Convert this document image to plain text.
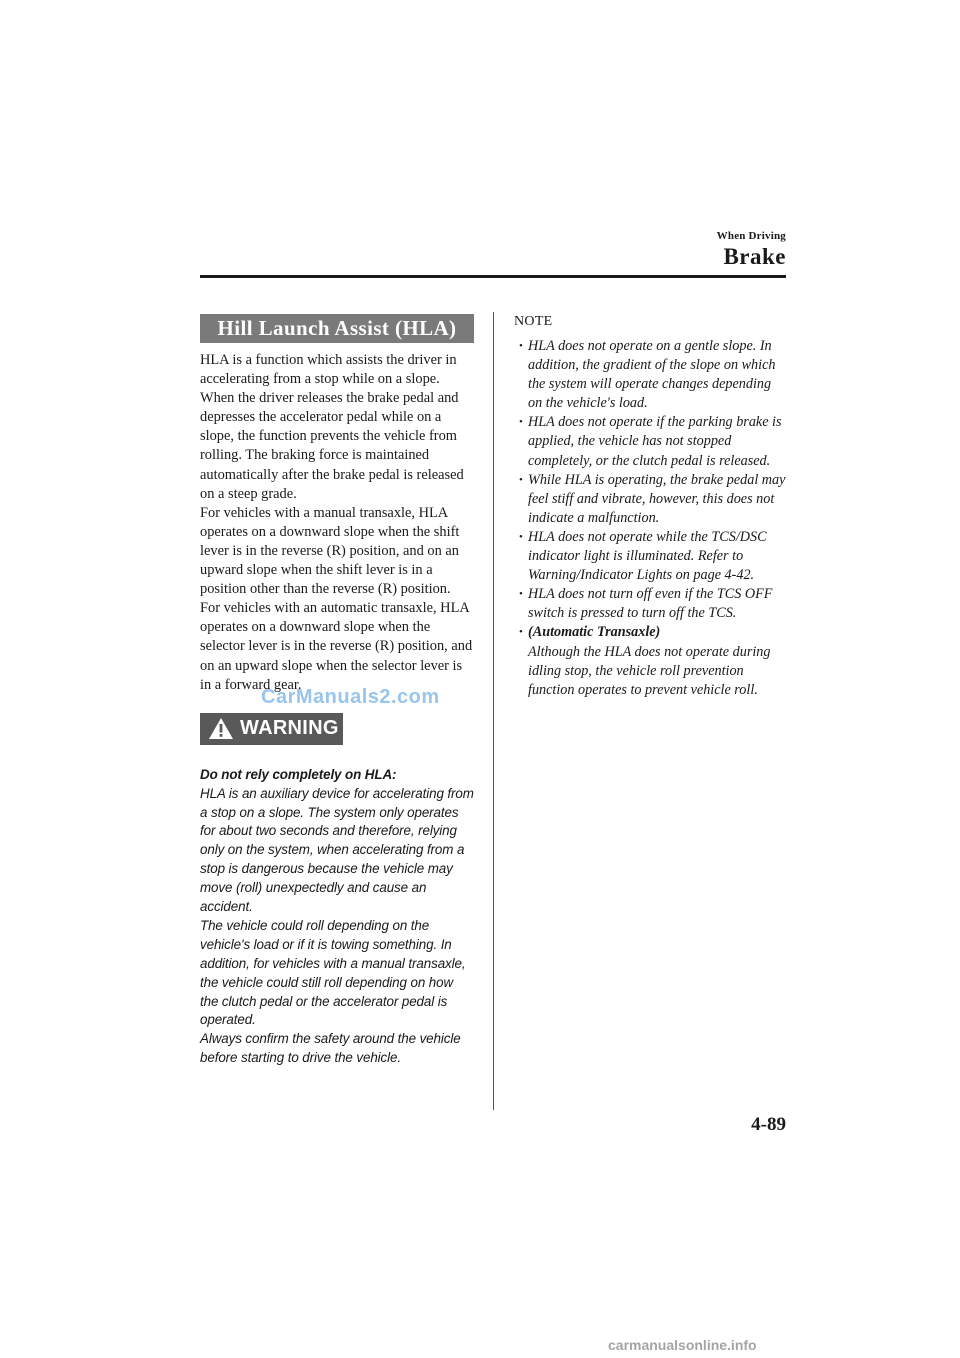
When Driving
Brake
Hill Launch Assist (HLA)

HLA is a function which assists the driver in accelerating from a stop while on a slope. When the driver releases the brake pedal and depresses the accelerator pedal while on a slope, the function prevents the vehicle from rolling. The braking force is maintained automatically after the brake pedal is released on a steep grade.

For vehicles with a manual transaxle, HLA operates on a downward slope when the shift lever is in the reverse (R) position, and on an upward slope when the shift lever is in a position other than the reverse (R) position.

For vehicles with an automatic transaxle, HLA operates on a downward slope when the selector lever is in the reverse (R) position, and on an upward slope when the selector lever is in a forward gear.

WARNING

Do not rely completely on HLA:

HLA is an auxiliary device for accelerating from a stop on a slope. The system only operates for about two seconds and therefore, relying only on the system, when accelerating from a stop is dangerous because the vehicle may move (roll) unexpectedly and cause an accident.

The vehicle could roll depending on the vehicle's load or if it is towing something. In addition, for vehicles with a manual transaxle, the vehicle could still roll depending on how the clutch pedal or the accelerator pedal is operated.

Always confirm the safety around the vehicle before starting to drive the vehicle.

NOTE
• HLA does not operate on a gentle slope. In addition, the gradient of the slope on which the system will operate changes depending on the vehicle's load.
• HLA does not operate if the parking brake is applied, the vehicle has not stopped completely, or the clutch pedal is released.
• While HLA is operating, the brake pedal may feel stiff and vibrate, however, this does not indicate a malfunction.
• HLA does not operate while the TCS/DSC indicator light is illuminated. Refer to Warning/Indicator Lights on page 4-42.
• HLA does not turn off even if the TCS OFF switch is pressed to turn off the TCS.
• (Automatic Transaxle)
Although the HLA does not operate during idling stop, the vehicle roll prevention function operates to prevent vehicle roll.
4-89
CarManuals2.com
carmanualsonline.info
